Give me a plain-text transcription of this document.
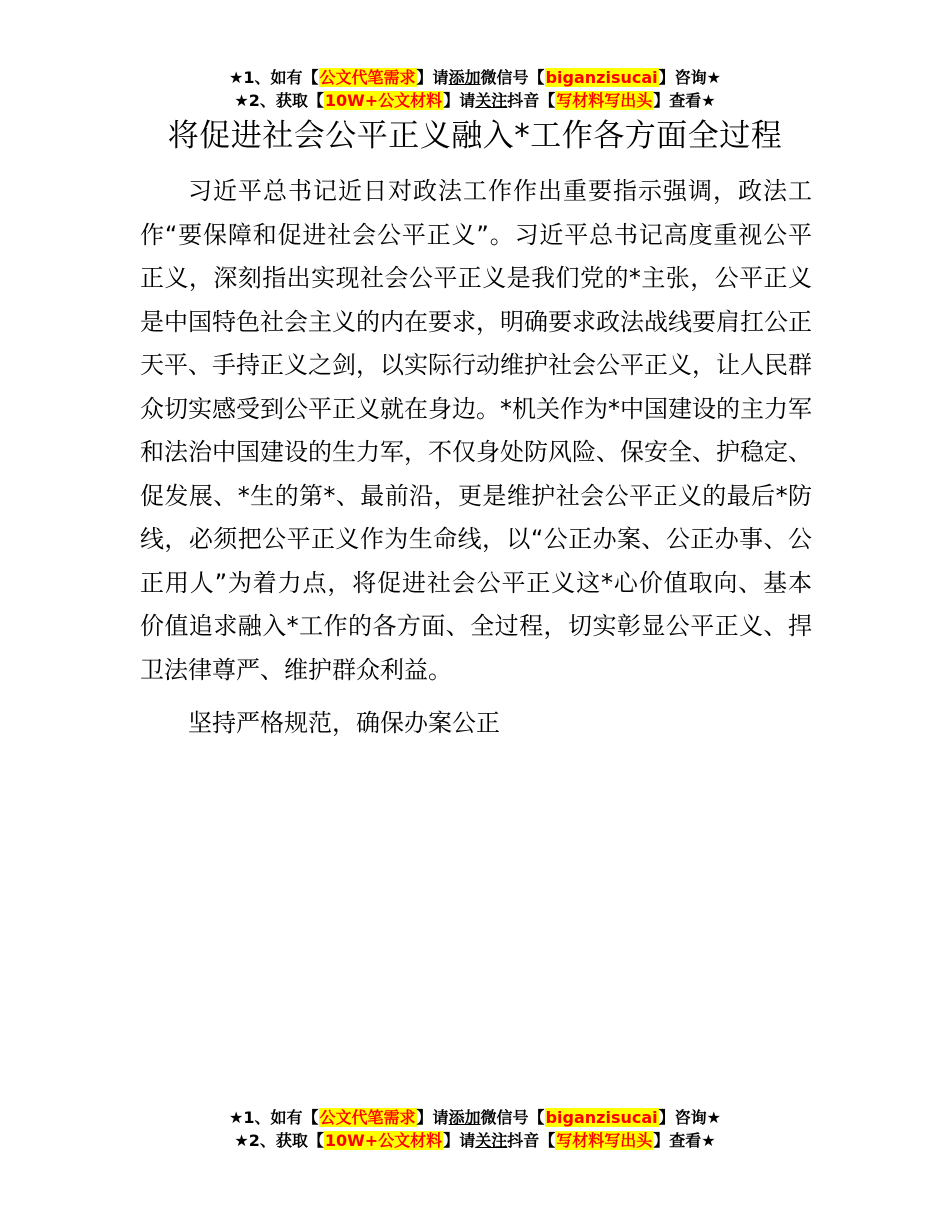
★1、如有【公文代笔需求】请添加微信号【biganzisucai】咨询★
★2、获取【10W+公文材料】请关注抖音【写材料写出头】查看★
将促进社会公平正义融入*工作各方面全过程

习近平总书记近日对政法工作作出重要指示强调，政法工作“要保障和促进社会公平正义”。习近平总书记高度重视公平正义，深刻指出实现社会公平正义是我们党的*主张，公平正义是中国特色社会主义的内在要求，明确要求政法战线要肩扛公正天平、手持正义之剑，以实际行动维护社会公平正义，让人民群众切实感受到公平正义就在身边。*机关作为*中国建设的主力军和法治中国建设的生力军，不仅身处防风险、保安全、护稳定、促发展、*生的第*、最前沿，更是维护社会公平正义的最后*防线，必须把公平正义作为生命线，以“公正办案、公正办事、公正用人”为着力点，将促进社会公平正义这*心价值取向、基本价值追求融入*工作的各方面、全过程，切实彰显公平正义、捍卫法律尊严、维护群众利益。

坚持严格规范，确保办案公正

★1、如有【公文代笔需求】请添加微信号【biganzisucai】咨询★
★2、获取【10W+公文材料】请关注抖音【写材料写出头】查看★
